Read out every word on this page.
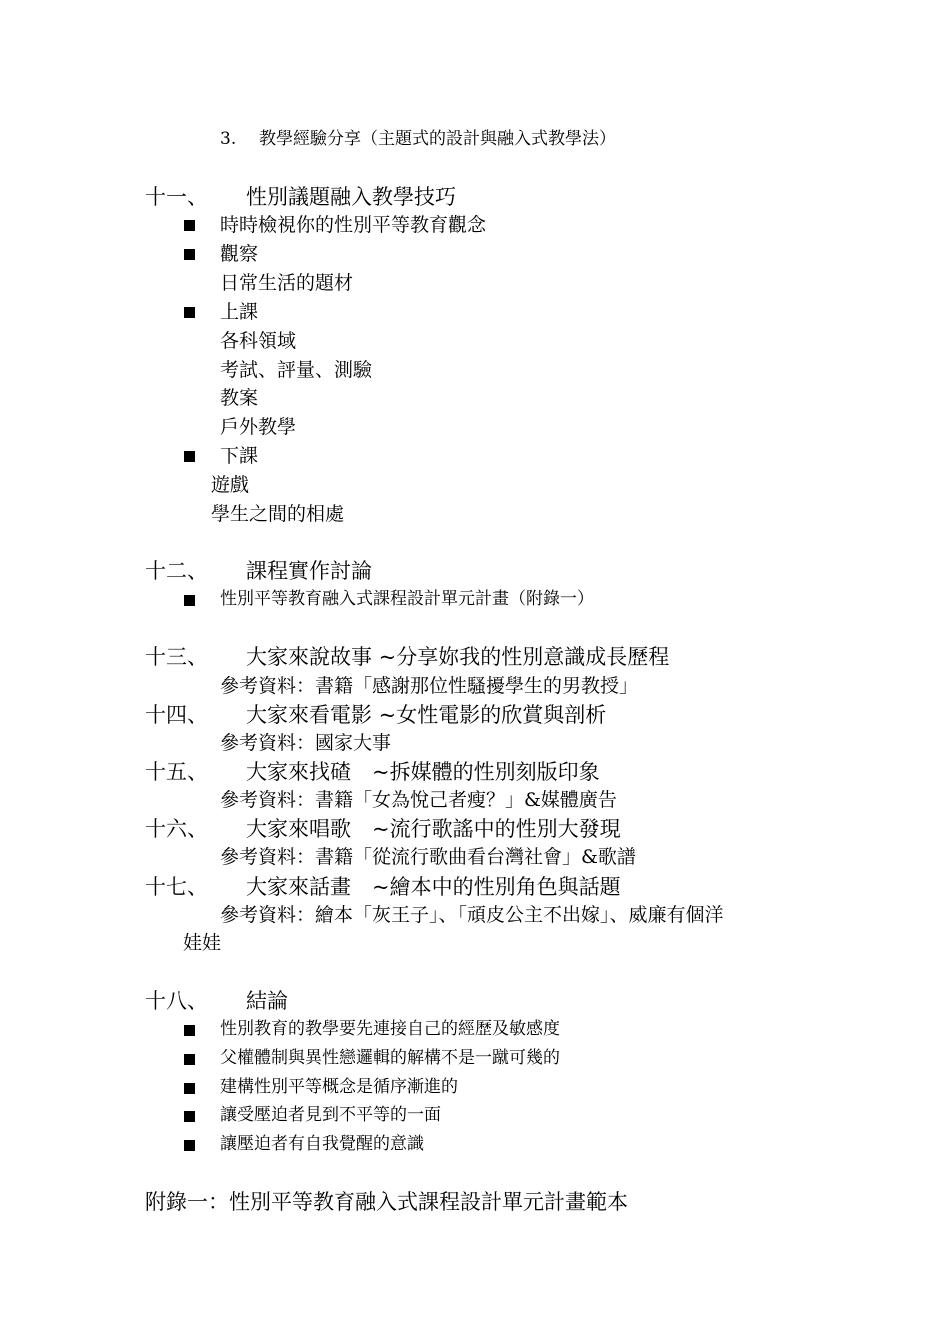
3. 教學經驗分享（主題式的設計與融入式教學法）
十一、 性別議題融入教學技巧
時時檢視你的性別平等教育觀念
觀察
日常生活的題材
上課
各科領域
考試、評量、測驗
教案
戶外教學
下課
遊戲
學生之間的相處
十二、 課程實作討論
性別平等教育融入式課程設計單元計畫（附錄一）
十三、 大家來說故事 ~分享妳我的性別意識成長歷程
參考資料：書籍「感謝那位性騷擾學生的男教授」
十四、 大家來看電影 ~女性電影的欣賞與剖析
參考資料：國家大事
十五、 大家來找碴　~拆媒體的性別刻版印象
參考資料：書籍「女為悅己者瘦？」&媒體廣告
十六、 大家來唱歌　~流行歌謠中的性別大發現
參考資料：書籍「從流行歌曲看台灣社會」&歌譜
十七、 大家來話畫　~繪本中的性別角色與話題
參考資料：繪本「灰王子」、「頑皮公主不出嫁」、威廉有個洋
娃娃
十八、 結論
性別教育的教學要先連接自己的經歷及敏感度
父權體制與異性戀邏輯的解構不是一蹴可幾的
建構性別平等概念是循序漸進的
讓受壓迫者見到不平等的一面
讓壓迫者有自我覺醒的意識
附錄一：性別平等教育融入式課程設計單元計畫範本
